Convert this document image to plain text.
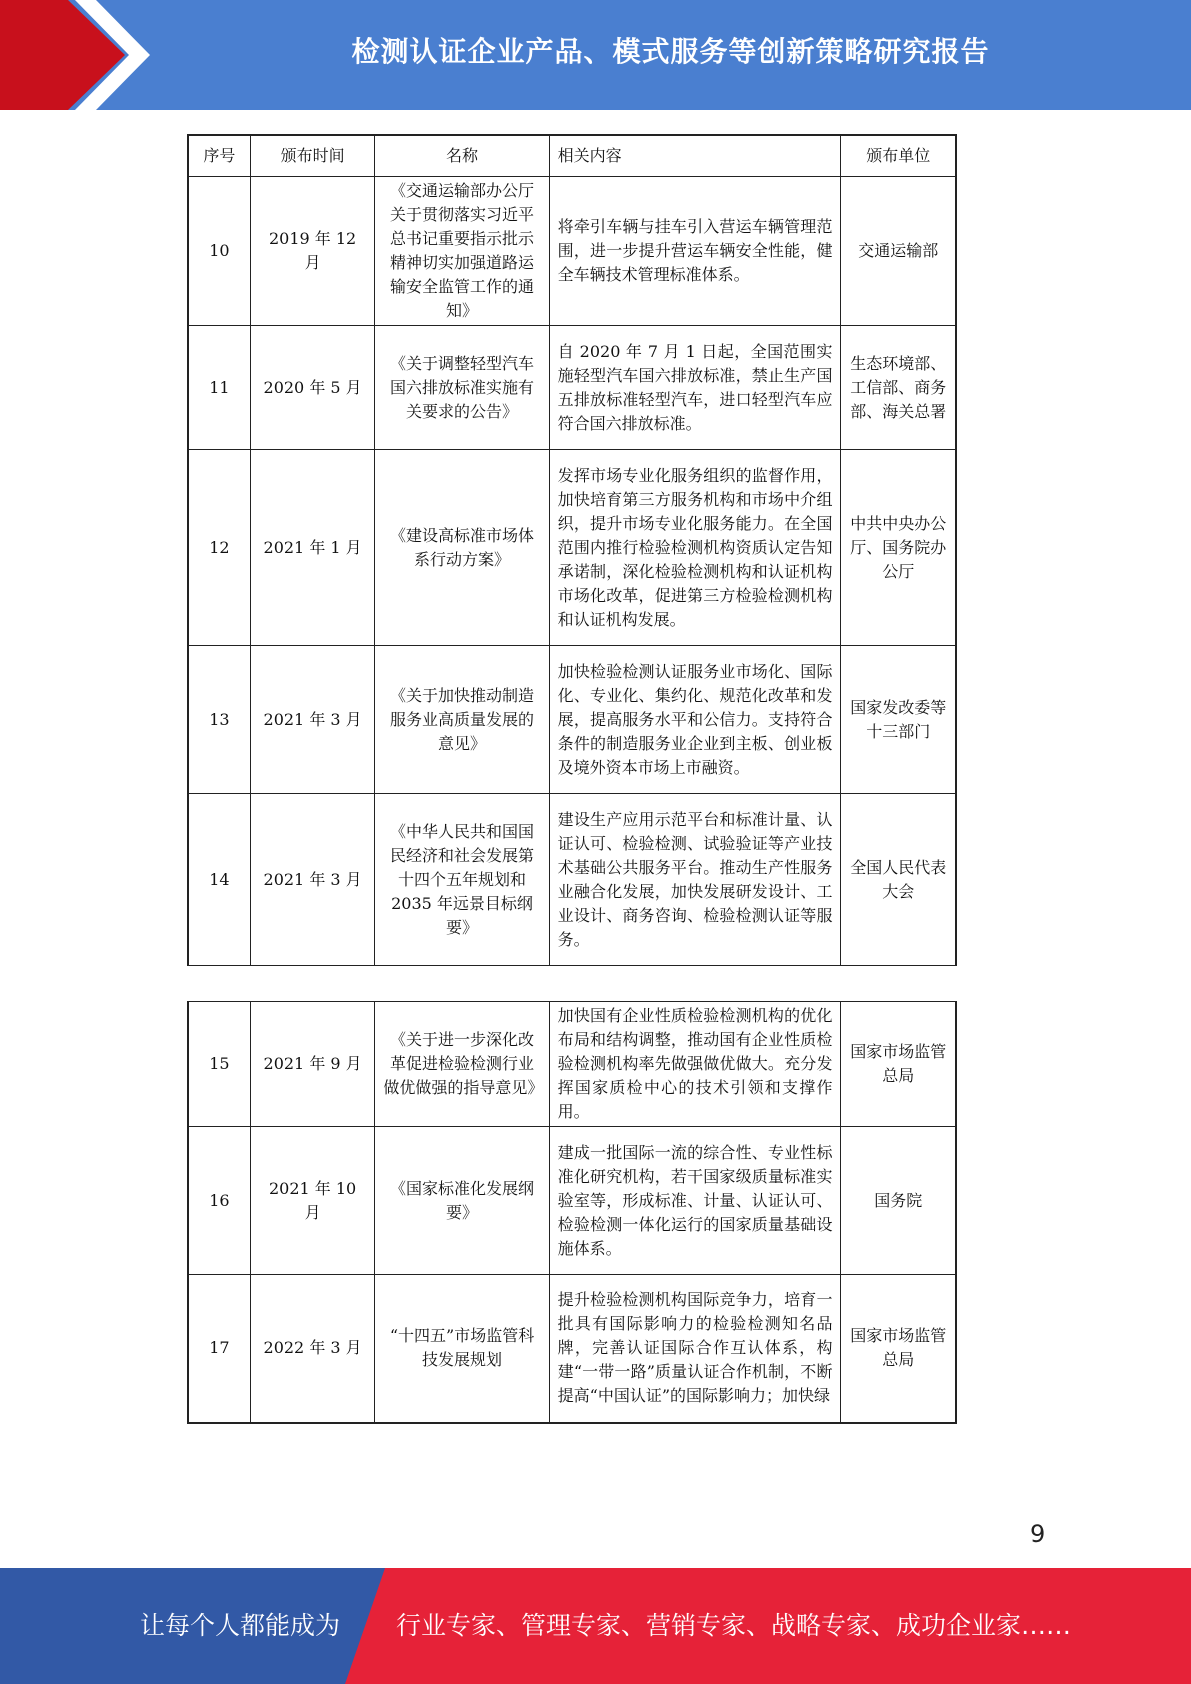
检测认证企业产品、模式服务等创新策略研究报告
序号	颁布时间	名称	相关内容	颁布单位
10	2019 年 12 月	《交通运输部办公厅关于贯彻落实习近平总书记重要指示批示精神切实加强道路运输安全监管工作的通知》	将牵引车辆与挂车引入营运车辆管理范围，进一步提升营运车辆安全性能，健全车辆技术管理标准体系。	交通运输部
11	2020 年 5 月	《关于调整轻型汽车国六排放标准实施有关要求的公告》	自 2020 年 7 月 1 日起，全国范围实施轻型汽车国六排放标准，禁止生产国五排放标准轻型汽车，进口轻型汽车应符合国六排放标准。	生态环境部、工信部、商务部、海关总署
12	2021 年 1 月	《建设高标准市场体系行动方案》	发挥市场专业化服务组织的监督作用，加快培育第三方服务机构和市场中介组织，提升市场专业化服务能力。在全国范围内推行检验检测机构资质认定告知承诺制，深化检验检测机构和认证机构市场化改革，促进第三方检验检测机构和认证机构发展。	中共中央办公厅、国务院办公厅
13	2021 年 3 月	《关于加快推动制造服务业高质量发展的意见》	加快检验检测认证服务业市场化、国际化、专业化、集约化、规范化改革和发展，提高服务水平和公信力。支持符合条件的制造服务业企业到主板、创业板及境外资本市场上市融资。	国家发改委等十三部门
14	2021 年 3 月	《中华人民共和国国民经济和社会发展第十四个五年规划和 2035 年远景目标纲要》	建设生产应用示范平台和标准计量、认证认可、检验检测、试验验证等产业技术基础公共服务平台。推动生产性服务业融合化发展，加快发展研发设计、工业设计、商务咨询、检验检测认证等服务。	全国人民代表大会
15	2021 年 9 月	《关于进一步深化改革促进检验检测行业做优做强的指导意见》	加快国有企业性质检验检测机构的优化布局和结构调整，推动国有企业性质检验检测机构率先做强做优做大。充分发挥国家质检中心的技术引领和支撑作用。	国家市场监管总局
16	2021 年 10 月	《国家标准化发展纲要》	建成一批国际一流的综合性、专业性标准化研究机构，若干国家级质量标准实验室等，形成标准、计量、认证认可、检验检测一体化运行的国家质量基础设施体系。	国务院
17	2022 年 3 月	“十四五”市场监管科技发展规划	提升检验检测机构国际竞争力，培育一批具有国际影响力的检验检测知名品牌，完善认证国际合作互认体系，构建“一带一路”质量认证合作机制，不断提高“中国认证”的国际影响力；加快绿	国家市场监管总局
9
让每个人都能成为 行业专家、管理专家、营销专家、战略专家、成功企业家……
